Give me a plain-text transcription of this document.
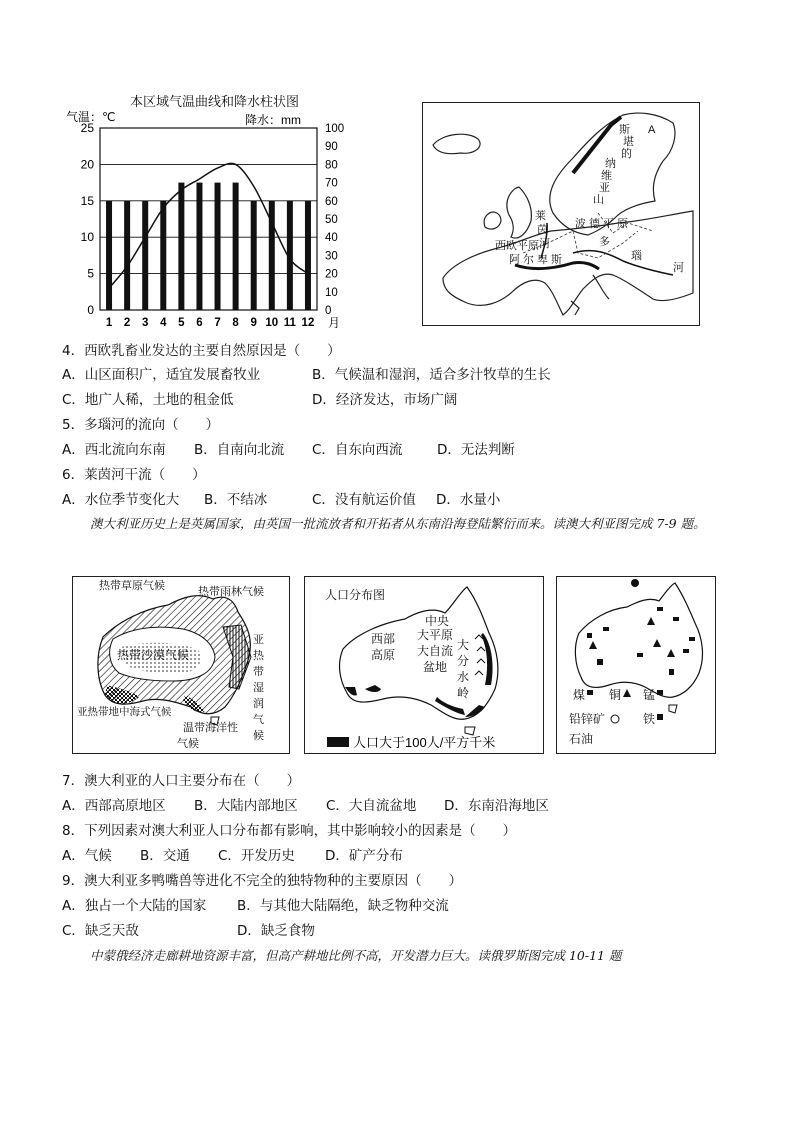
本区域气温曲线和降水柱状图
气温：℃	降水：mm
0
5
10
15
20
25
0
10
20
30
40
50
60
70
80
90
100
1 2 3 4 5 6 7 8 9 10 11 12 月
A
斯
堪
的
纳
维
亚
山
莱
茵
河
波德平原
西欧平原
阿尔卑斯
多
瑙
河
4．西欧乳畜业发达的主要自然原因是（　　）
A．山区面积广，适宜发展畜牧业	B．气候温和湿润，适合多汁牧草的生长
C．地广人稀，土地的租金低	D．经济发达，市场广阔
5．多瑙河的流向（　　）
A．西北流向东南 B．自南向北流 C．自东向西流	D．无法判断
6．莱茵河干流（　　）
A．水位季节变化大 B．不结冰	C．没有航运价值 D．水量小
澳大利亚历史上是英属国家，由英国一批流放者和开拓者从东南沿海登陆繁衍而来。读澳大利亚图完成 7-9 题。
热带草原气候	热带雨林气候
热带沙漠气候
亚
热
带
湿
润
气
候
亚热带地中海式气候
温带海洋性
气候
人口分布图
中央
大平原
大自流
盆地
西部
高原
大
分
水
岭
人口大于100人/平方千米
煤 铜 锰
铅锌矿	铁
石油
7．澳大利亚的人口主要分布在（　　）
A．西部高原地区 B．大陆内部地区 C．大自流盆地 D．东南沿海地区
8．下列因素对澳大利亚人口分布都有影响，其中影响较小的因素是（　　）
A．气候 B．交通 C．开发历史 D．矿产分布
9．澳大利亚多鸭嘴兽等进化不完全的独特物种的主要原因（　　）
A．独占一个大陆的国家 B．与其他大陆隔绝，缺乏物种交流
C．缺乏天敌	D．缺乏食物
中蒙俄经济走廊耕地资源丰富，但高产耕地比例不高，开发潜力巨大。读俄罗斯图完成 10-11 题
